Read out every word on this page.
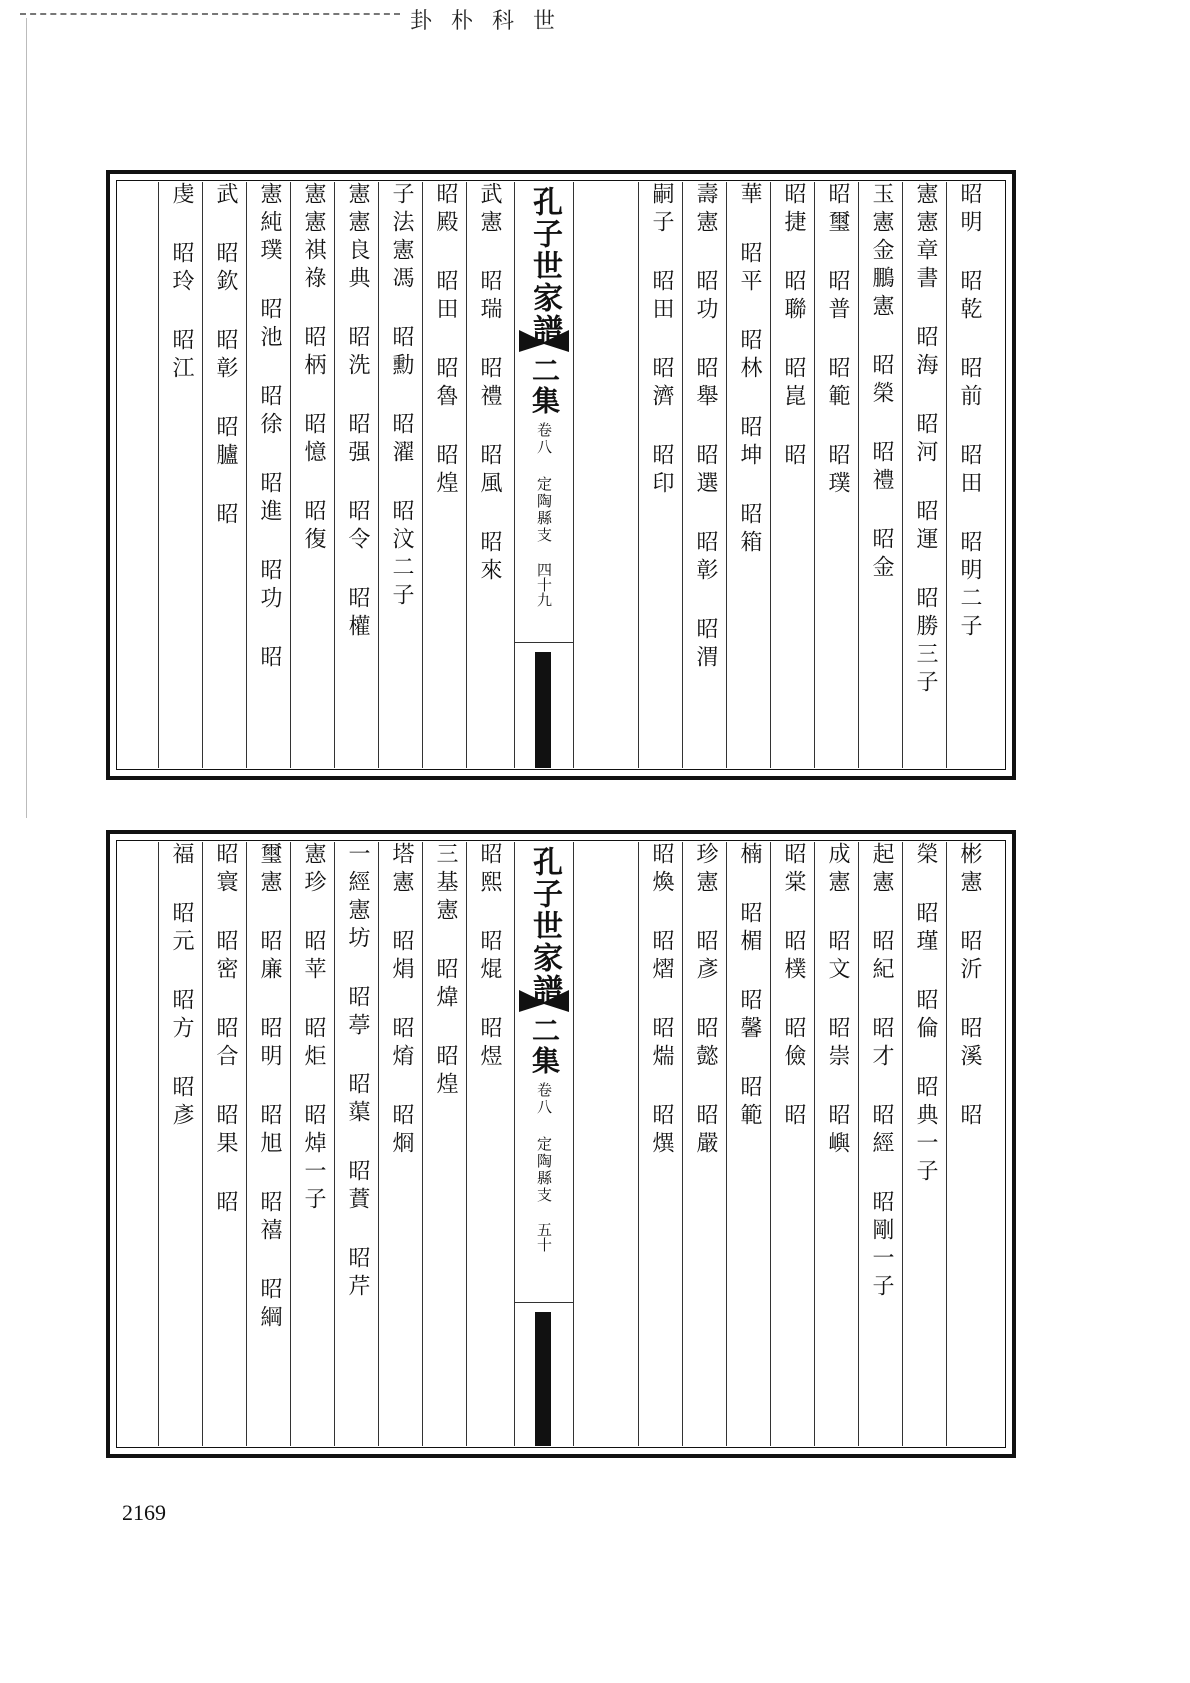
卦 朴 科 世
孔子世家譜
二集
卷八 定陶縣支
四十九	昭明 昭乾 昭前 昭田 昭明二子
憲憲章書 昭海 昭河 昭運 昭勝三子
玉憲金鵬憲 昭榮 昭禮 昭金
昭璽 昭普 昭範 昭璞
昭捷 昭聯 昭崑 昭
華 昭平 昭林 昭坤 昭箱
壽憲 昭功 昭舉 昭選 昭彰 昭渭
嗣子 昭田 昭濟 昭印
武憲 昭瑞 昭禮 昭風 昭來
昭殿 昭田 昭魯 昭煌
子法憲馮 昭勳 昭濯 昭汶二子
憲憲良典 昭洗 昭强 昭令 昭權
憲憲祺祿 昭柄 昭憶 昭復
憲純璞 昭池 昭徐 昭進 昭功 昭
武 昭欽 昭彰 昭臚 昭
虔 昭玲 昭江
孔子世家譜
二集
卷八 定陶縣支
五十
彬憲 昭沂 昭溪 昭
榮 昭瑾 昭倫 昭典一子
起憲 昭紀 昭才 昭經 昭剛一子
成憲 昭文 昭崇 昭嶼
昭棠 昭樸 昭儉 昭
楠 昭楣 昭馨 昭範
珍憲 昭彥 昭懿 昭嚴
昭煥 昭熠 昭煓 昭熼
昭熙 昭焜 昭煜
三基憲 昭煒 昭煌
塔憲 昭焆 昭焴 昭烱
一經憲坊 昭葶 昭蕖 昭蕡 昭芹
憲珍 昭苹 昭炬 昭焯一子
璽憲 昭廉 昭明 昭旭 昭禧 昭綱
昭寰 昭密 昭合 昭果 昭
福 昭元 昭方 昭彥
2169
